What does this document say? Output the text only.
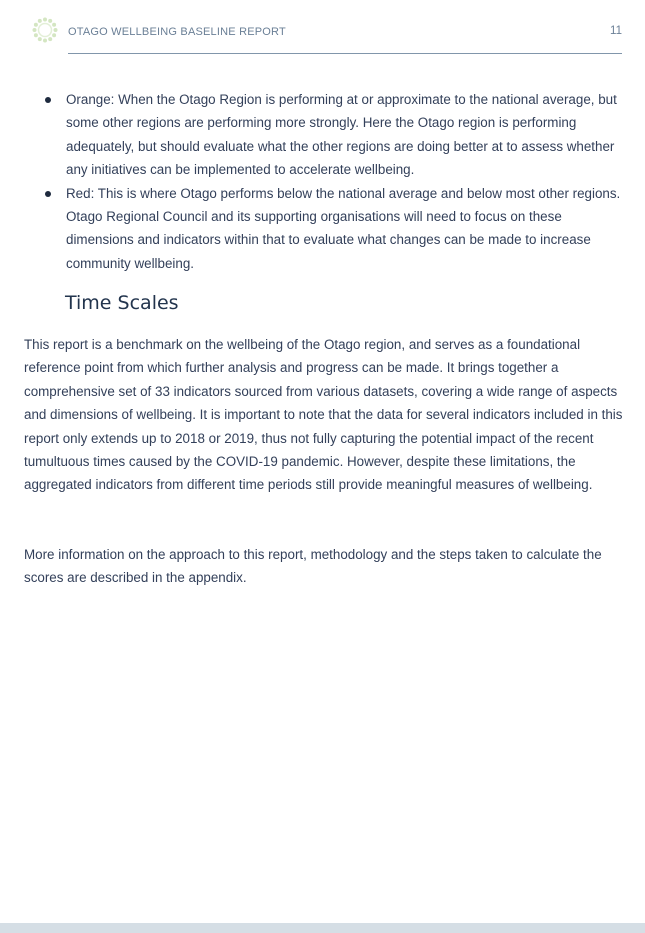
OTAGO WELLBEING BASELINE REPORT	11
Orange: When the Otago Region is performing at or approximate to the national average, but some other regions are performing more strongly. Here the Otago region is performing adequately, but should evaluate what the other regions are doing better at to assess whether any initiatives can be implemented to accelerate wellbeing.
Red: This is where Otago performs below the national average and below most other regions. Otago Regional Council and its supporting organisations will need to focus on these dimensions and indicators within that to evaluate what changes can be made to increase community wellbeing.
Time Scales

This report is a benchmark on the wellbeing of the Otago region, and serves as a foundational reference point from which further analysis and progress can be made. It brings together a comprehensive set of 33 indicators sourced from various datasets, covering a wide range of aspects and dimensions of wellbeing. It is important to note that the data for several indicators included in this report only extends up to 2018 or 2019, thus not fully capturing the potential impact of the recent tumultuous times caused by the COVID-19 pandemic. However, despite these limitations, the aggregated indicators from different time periods still provide meaningful measures of wellbeing.

More information on the approach to this report, methodology and the steps taken to calculate the scores are described in the appendix.
